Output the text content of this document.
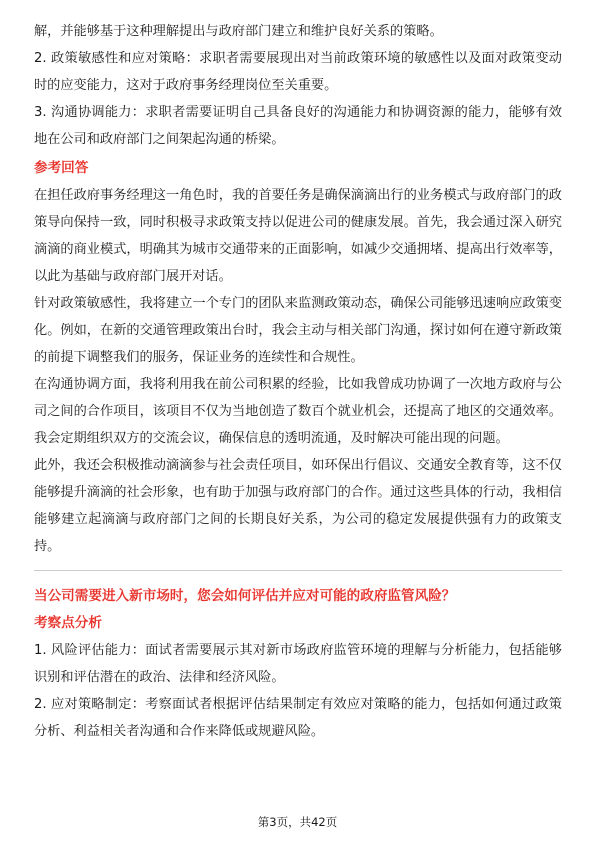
解，并能够基于这种理解提出与政府部门建立和维护良好关系的策略。

2. 政策敏感性和应对策略：求职者需要展现出对当前政策环境的敏感性以及面对政策变动时的应变能力，这对于政府事务经理岗位至关重要。

3. 沟通协调能力：求职者需要证明自己具备良好的沟通能力和协调资源的能力，能够有效地在公司和政府部门之间架起沟通的桥梁。

参考回答

在担任政府事务经理这一角色时，我的首要任务是确保滴滴出行的业务模式与政府部门的政策导向保持一致，同时积极寻求政策支持以促进公司的健康发展。首先，我会通过深入研究滴滴的商业模式，明确其为城市交通带来的正面影响，如减少交通拥堵、提高出行效率等，以此为基础与政府部门展开对话。

针对政策敏感性，我将建立一个专门的团队来监测政策动态，确保公司能够迅速响应政策变化。例如，在新的交通管理政策出台时，我会主动与相关部门沟通，探讨如何在遵守新政策的前提下调整我们的服务，保证业务的连续性和合规性。

在沟通协调方面，我将利用我在前公司积累的经验，比如我曾成功协调了一次地方政府与公司之间的合作项目，该项目不仅为当地创造了数百个就业机会，还提高了地区的交通效率。我会定期组织双方的交流会议，确保信息的透明流通，及时解决可能出现的问题。

此外，我还会积极推动滴滴参与社会责任项目，如环保出行倡议、交通安全教育等，这不仅能够提升滴滴的社会形象，也有助于加强与政府部门的合作。通过这些具体的行动，我相信能够建立起滴滴与政府部门之间的长期良好关系，为公司的稳定发展提供强有力的政策支持。

当公司需要进入新市场时，您会如何评估并应对可能的政府监管风险？

考察点分析

1. 风险评估能力：面试者需要展示其对新市场政府监管环境的理解与分析能力，包括能够识别和评估潜在的政治、法律和经济风险。

2. 应对策略制定：考察面试者根据评估结果制定有效应对策略的能力，包括如何通过政策分析、利益相关者沟通和合作来降低或规避风险。

第3页，共42页
